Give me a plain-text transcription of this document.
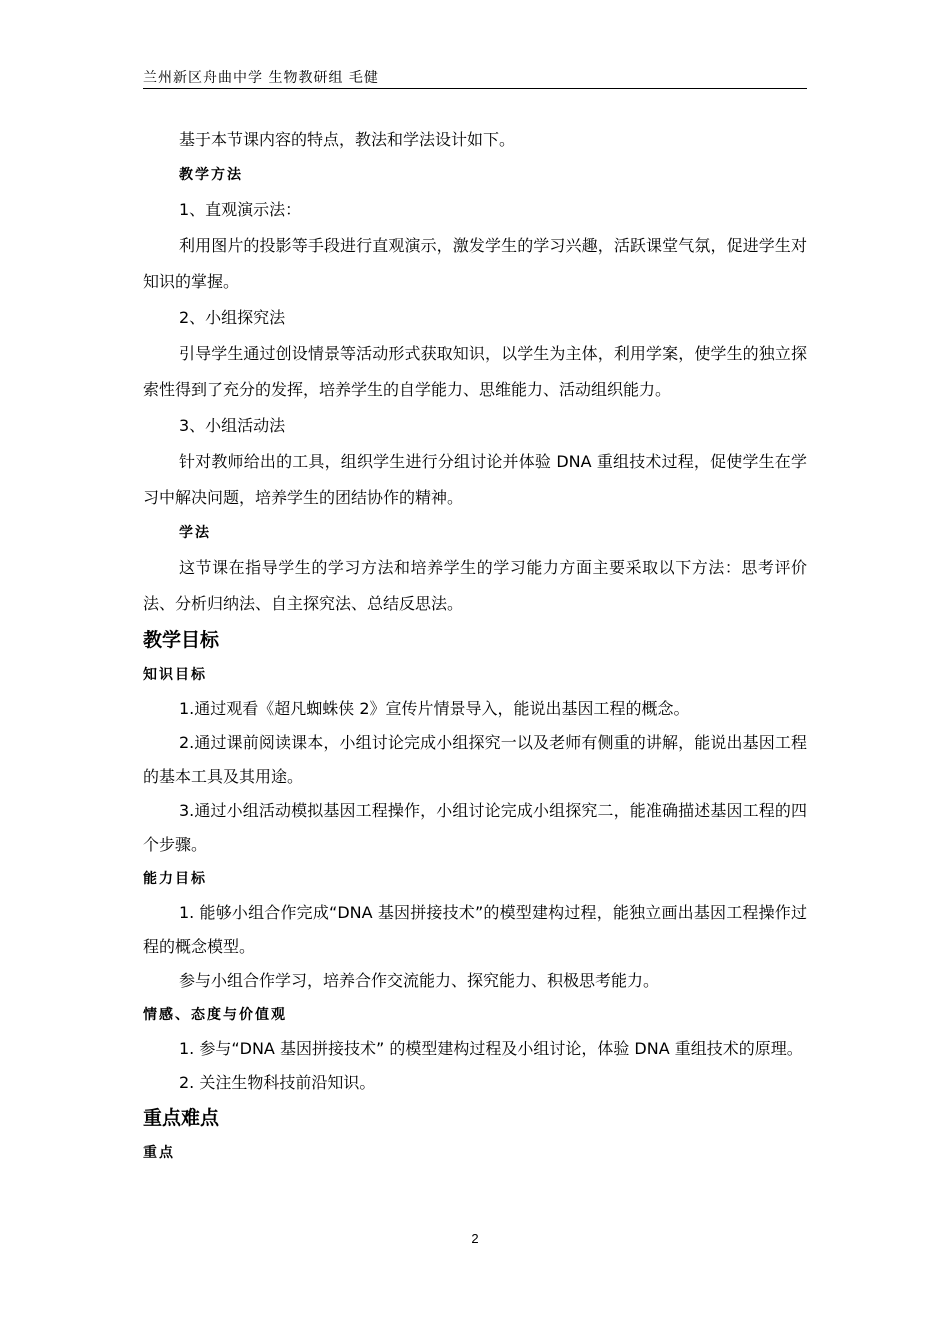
兰州新区舟曲中学 生物教研组 毛健

基于本节课内容的特点，教法和学法设计如下。

教学方法

1、直观演示法：

利用图片的投影等手段进行直观演示，激发学生的学习兴趣，活跃课堂气氛，促进学生对知识的掌握。

2、小组探究法

引导学生通过创设情景等活动形式获取知识，以学生为主体，利用学案，使学生的独立探索性得到了充分的发挥，培养学生的自学能力、思维能力、活动组织能力。

3、小组活动法

针对教师给出的工具，组织学生进行分组讨论并体验 DNA 重组技术过程，促使学生在学习中解决问题，培养学生的团结协作的精神。

学法

这节课在指导学生的学习方法和培养学生的学习能力方面主要采取以下方法：思考评价法、分析归纳法、自主探究法、总结反思法。

教学目标

知识目标

1.通过观看《超凡蜘蛛侠 2》宣传片情景导入，能说出基因工程的概念。

2.通过课前阅读课本，小组讨论完成小组探究一以及老师有侧重的讲解，能说出基因工程的基本工具及其用途。

3.通过小组活动模拟基因工程操作，小组讨论完成小组探究二，能准确描述基因工程的四个步骤。

能力目标

1. 能够小组合作完成“DNA 基因拼接技术”的模型建构过程，能独立画出基因工程操作过程的概念模型。

参与小组合作学习，培养合作交流能力、探究能力、积极思考能力。

情感、态度与价值观

1. 参与“DNA 基因拼接技术” 的模型建构过程及小组讨论，体验 DNA 重组技术的原理。

2. 关注生物科技前沿知识。

重点难点

重点

2
